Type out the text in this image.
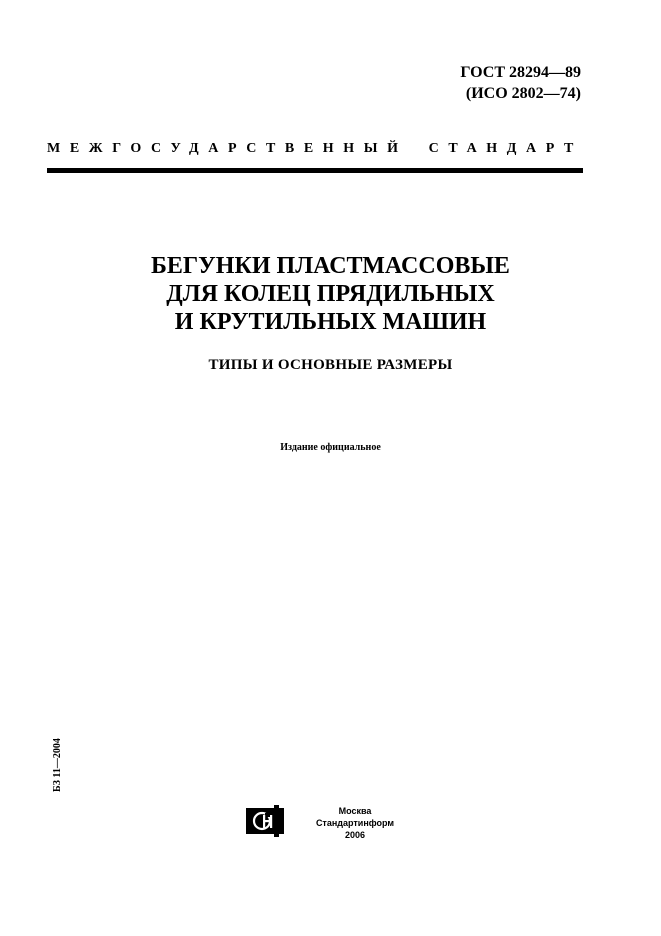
ГОСТ 28294—89
(ИСО 2802—74)
МЕЖГОСУДАРСТВЕННЫЙ СТАНДАРТ
БЕГУНКИ ПЛАСТМАССОВЫЕ
ДЛЯ КОЛЕЦ ПРЯДИЛЬНЫХ
И КРУТИЛЬНЫХ МАШИН
ТИПЫ И ОСНОВНЫЕ РАЗМЕРЫ
Издание официальное
БЗ 11—2004
Москва
Стандартинформ
2006
